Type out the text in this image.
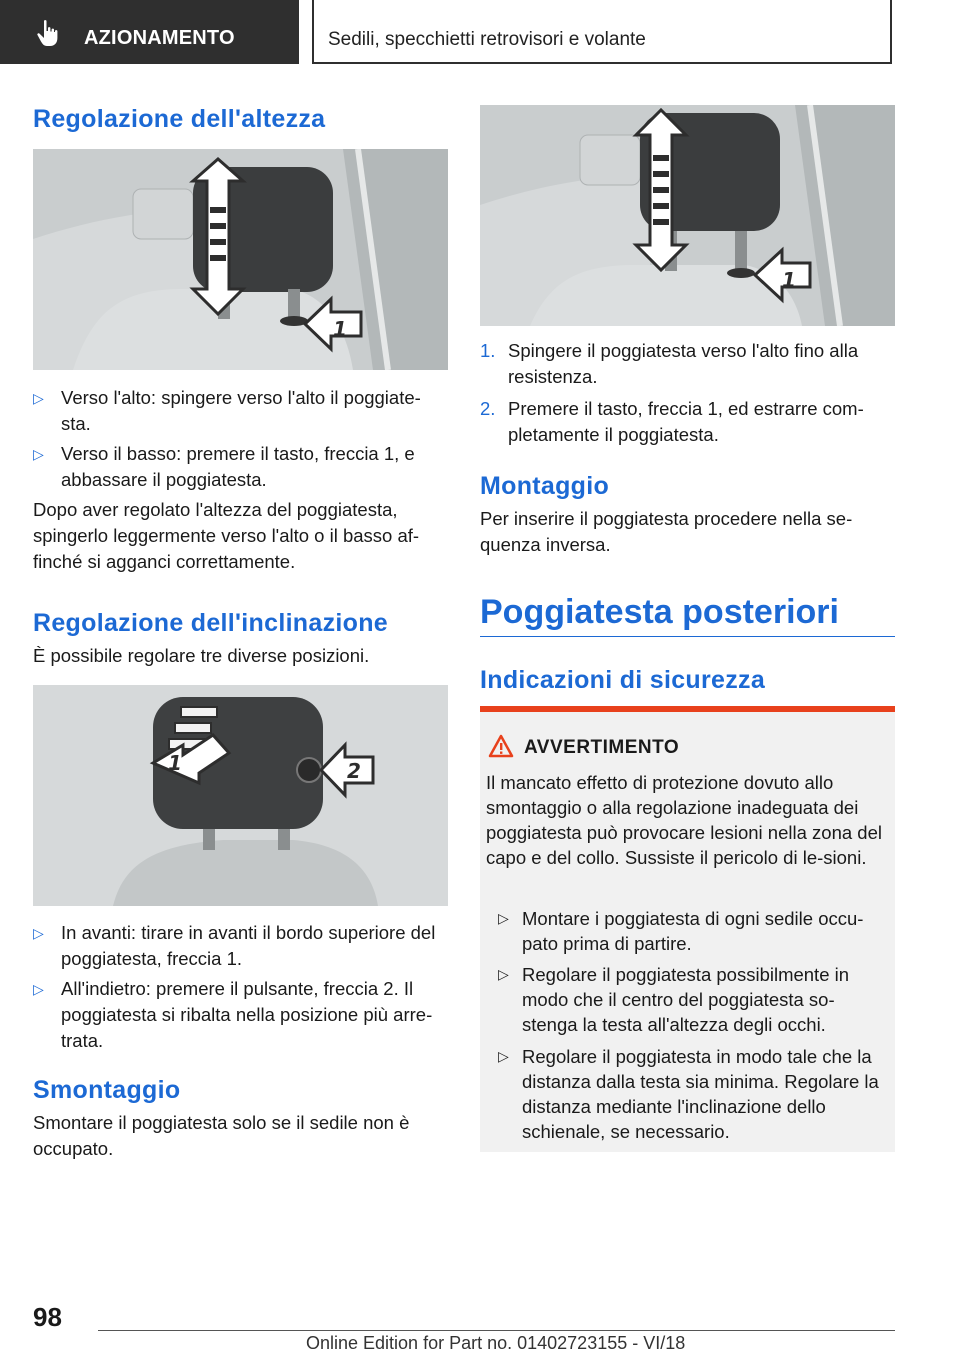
AZIONAMENTO	Sedili, specchietti retrovisori e volante
Regolazione dell'altezza
1
▷ Verso l'alto: spingere verso l'alto il poggiate-sta.
▷ Verso il basso: premere il tasto, freccia 1, e abbassare il poggiatesta.

Dopo aver regolato l'altezza del poggiatesta, spingerlo leggermente verso l'alto o il basso af-finché si agganci correttamente.

Regolazione dell'inclinazione

È possibile regolare tre diverse posizioni.

1	2
▷ In avanti: tirare in avanti il bordo superiore del poggiatesta, freccia 1.
▷ All'indietro: premere il pulsante, freccia 2. Il poggiatesta si ribalta nella posizione più arre-trata.
Smontaggio

Smontare il poggiatesta solo se il sedile non è occupato.

1
1. Spingere il poggiatesta verso l'alto fino alla resistenza.
2. Premere il tasto, freccia 1, ed estrarre com-pletamente il poggiatesta.
Montaggio

Per inserire il poggiatesta procedere nella se-quenza inversa.

Poggiatesta posteriori
Indicazioni di sicurezza
AVVERTIMENTO
Il mancato effetto di protezione dovuto allo smontaggio o alla regolazione inadeguata dei poggiatesta può provocare lesioni nella zona del capo e del collo. Sussiste il pericolo di le-sioni.
▷ Montare i poggiatesta di ogni sedile occu-pato prima di partire.
▷ Regolare il poggiatesta possibilmente in modo che il centro del poggiatesta so-stenga la testa all'altezza degli occhi.
▷ Regolare il poggiatesta in modo tale che la distanza dalla testa sia minima. Regolare la distanza mediante l'inclinazione dello schienale, se necessario.
98
Online Edition for Part no. 01402723155 - VI/18
